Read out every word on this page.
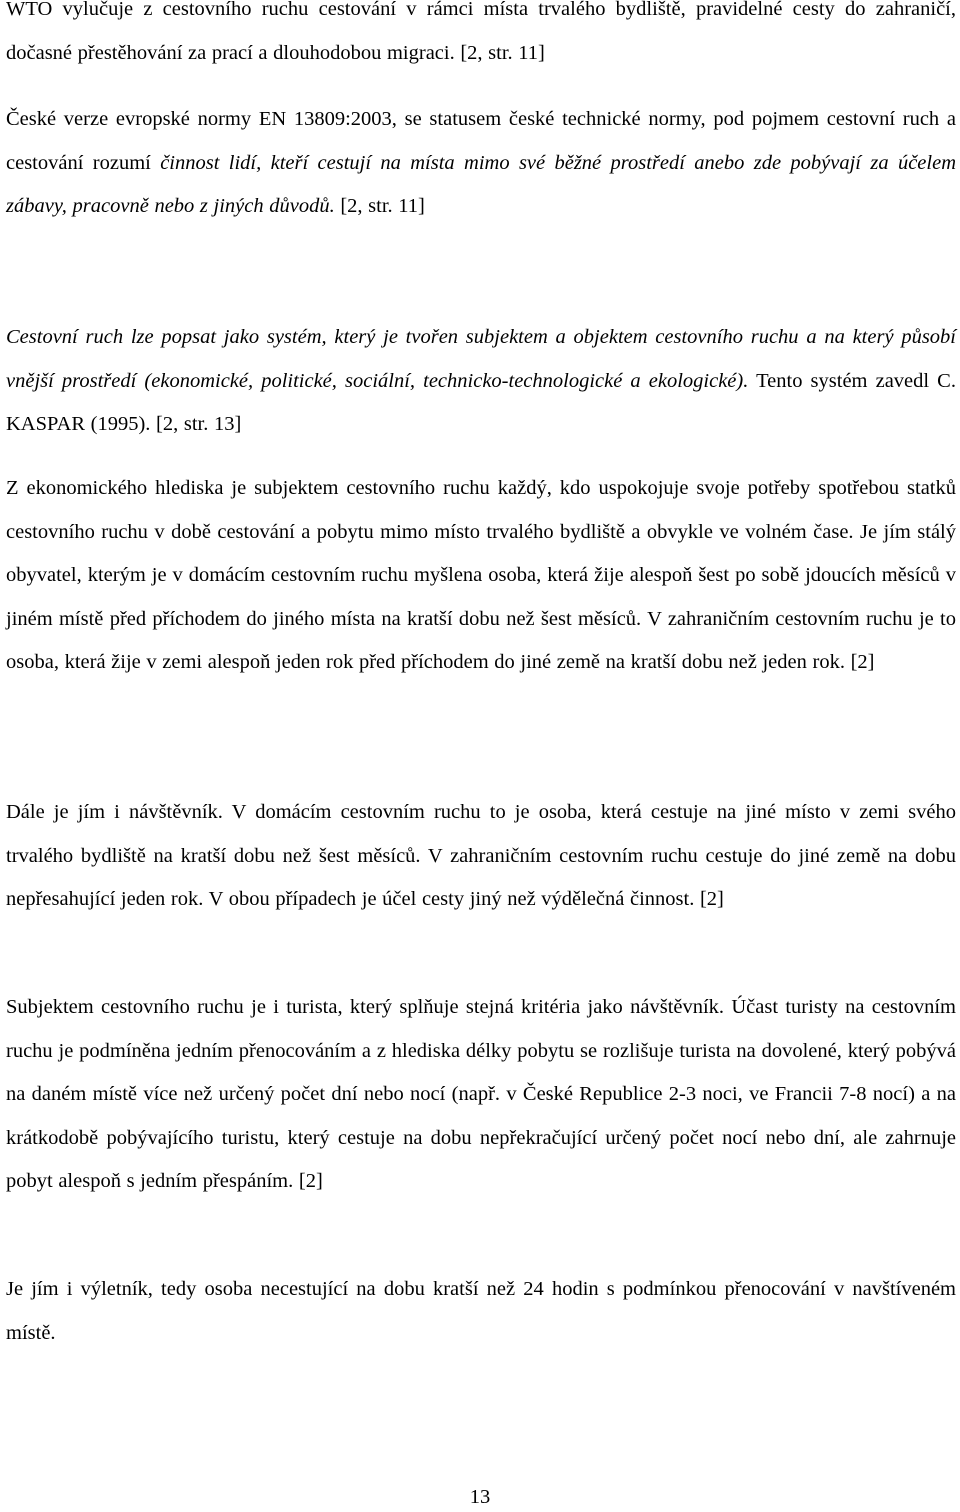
WTO vylučuje z cestovního ruchu cestování v rámci místa trvalého bydliště, pravidelné cesty do zahraničí, dočasné přestěhování za prací a dlouhodobou migraci. [2, str. 11]

České verze evropské normy EN 13809:2003, se statusem české technické normy, pod pojmem cestovní ruch a cestování rozumí činnost lidí, kteří cestují na místa mimo své běžné prostředí anebo zde pobývají za účelem zábavy, pracovně nebo z jiných důvodů. [2, str. 11]

Cestovní ruch lze popsat jako systém, který je tvořen subjektem a objektem cestovního ruchu a na který působí vnější prostředí (ekonomické, politické, sociální, technicko-technologické a ekologické). Tento systém zavedl C. KASPAR (1995). [2, str. 13]

Z ekonomického hlediska je subjektem cestovního ruchu každý, kdo uspokojuje svoje potřeby spotřebou statků cestovního ruchu v době cestování a pobytu mimo místo trvalého bydliště a obvykle ve volném čase. Je jím stálý obyvatel, kterým je v domácím cestovním ruchu myšlena osoba, která žije alespoň šest po sobě jdoucích měsíců v jiném místě před příchodem do jiného místa na kratší dobu než šest měsíců. V zahraničním cestovním ruchu je to osoba, která žije v zemi alespoň jeden rok před příchodem do jiné země na kratší dobu než jeden rok. [2]

Dále je jím i návštěvník. V domácím cestovním ruchu to je osoba, která cestuje na jiné místo v zemi svého trvalého bydliště na kratší dobu než šest měsíců. V zahraničním cestovním ruchu cestuje do jiné země na dobu nepřesahující jeden rok. V obou případech je účel cesty jiný než výdělečná činnost. [2]

Subjektem cestovního ruchu je i turista, který splňuje stejná kritéria jako návštěvník. Účast turisty na cestovním ruchu je podmíněna jedním přenocováním a z hlediska délky pobytu se rozlišuje turista na dovolené, který pobývá na daném místě více než určený počet dní nebo nocí (např. v České Republice 2-3 noci, ve Francii 7-8 nocí) a na krátkodobě pobývajícího turistu, který cestuje na dobu nepřekračující určený počet nocí nebo dní, ale zahrnuje pobyt alespoň s jedním přespáním. [2]

Je jím i výletník, tedy osoba necestující na dobu kratší než 24 hodin s podmínkou přenocování v navštíveném místě.

13
